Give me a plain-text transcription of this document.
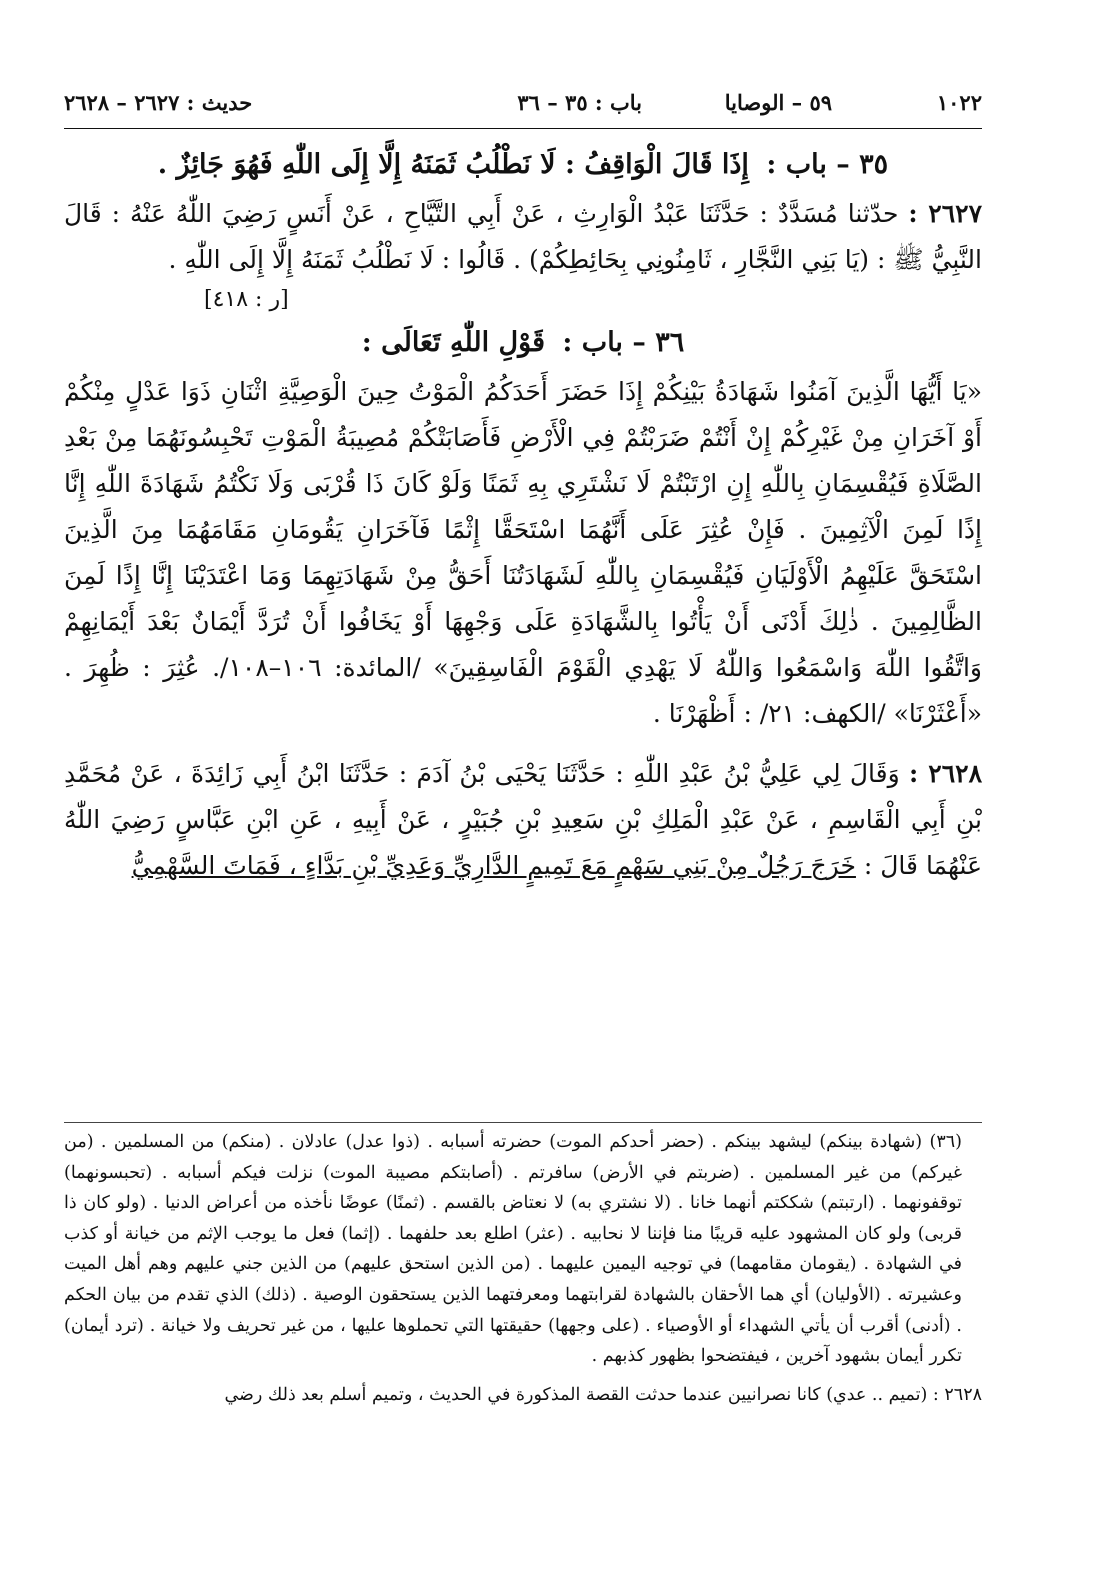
١٠٢٢
٥٩ – الوصايا
باب : ٣٥ – ٣٦
حديث : ٢٦٢٧ – ٢٦٢٨
٣٥ – باب : إِذَا قَالَ الْوَاقِفُ : لَا نَطْلُبُ ثَمَنَهُ إِلَّا إِلَى اللّٰهِ فَهُوَ جَائِزٌ .

٢٦٢٧ : حدّثنا مُسَدَّدٌ : حَدَّثَنَا عَبْدُ الْوَارِثِ ، عَنْ أَبِي التَّيَّاحِ ، عَنْ أَنَسٍ رَضِيَ اللّٰهُ عَنْهُ : قَالَ النَّبِيُّ ﷺ : (يَا بَنِي النَّجَّارِ ، ثَامِنُونِي بِحَائِطِكُمْ) . قَالُوا : لَا نَطْلُبُ ثَمَنَهُ إِلَّا إِلَى اللّٰهِ .

[ر : ٤١٨]
٣٦ – باب : قَوْلِ اللّٰهِ تَعَالَى :

«يَا أَيُّهَا الَّذِينَ آمَنُوا شَهَادَةُ بَيْنِكُمْ إِذَا حَضَرَ أَحَدَكُمُ الْمَوْتُ حِينَ الْوَصِيَّةِ اثْنَانِ ذَوَا عَدْلٍ مِنْكُمْ أَوْ آخَرَانِ مِنْ غَيْرِكُمْ إِنْ أَنْتُمْ ضَرَبْتُمْ فِي الْأَرْضِ فَأَصَابَتْكُمْ مُصِيبَةُ الْمَوْتِ تَحْبِسُونَهُمَا مِنْ بَعْدِ الصَّلَاةِ فَيُقْسِمَانِ بِاللّٰهِ إِنِ ارْتَبْتُمْ لَا نَشْتَرِي بِهِ ثَمَنًا وَلَوْ كَانَ ذَا قُرْبَى وَلَا نَكْتُمُ شَهَادَةَ اللّٰهِ إِنَّا إِذًا لَمِنَ الْآثِمِينَ . فَإِنْ عُثِرَ عَلَى أَنَّهُمَا اسْتَحَقَّا إِثْمًا فَآخَرَانِ يَقُومَانِ مَقَامَهُمَا مِنَ الَّذِينَ اسْتَحَقَّ عَلَيْهِمُ الْأَوْلَيَانِ فَيُقْسِمَانِ بِاللّٰهِ لَشَهَادَتُنَا أَحَقُّ مِنْ شَهَادَتِهِمَا وَمَا اعْتَدَيْنَا إِنَّا إِذًا لَمِنَ الظَّالِمِينَ . ذٰلِكَ أَدْنَى أَنْ يَأْتُوا بِالشَّهَادَةِ عَلَى وَجْهِهَا أَوْ يَخَافُوا أَنْ تُرَدَّ أَيْمَانٌ بَعْدَ أَيْمَانِهِمْ وَاتَّقُوا اللّٰهَ وَاسْمَعُوا وَاللّٰهُ لَا يَهْدِي الْقَوْمَ الْفَاسِقِينَ» /المائدة: ١٠٦–١٠٨/. عُثِرَ : ظُهِرَ . «أَعْثَرْنَا» /الكهف: ٢١/ : أَظْهَرْنَا .

٢٦٢٨ : وَقَالَ لِي عَلِيُّ بْنُ عَبْدِ اللّٰهِ : حَدَّثَنَا يَحْيَى بْنُ آدَمَ : حَدَّثَنَا ابْنُ أَبِي زَائِدَةَ ، عَنْ مُحَمَّدِ بْنِ أَبِي الْقَاسِمِ ، عَنْ عَبْدِ الْمَلِكِ بْنِ سَعِيدِ بْنِ جُبَيْرٍ ، عَنْ أَبِيهِ ، عَنِ ابْنِ عَبَّاسٍ رَضِيَ اللّٰهُ عَنْهُمَا قَالَ : خَرَجَ رَجُلٌ مِنْ بَنِي سَهْمٍ مَعَ تَمِيمٍ الدَّارِيِّ وَعَدِيِّ بْنِ بَدَّاءٍ ، فَمَاتَ السَّهْمِيُّ

(٣٦) (شهادة بينكم) ليشهد بينكم . (حضر أحدكم الموت) حضرته أسبابه . (ذوا عدل) عادلان . (منكم) من المسلمين . (من غيركم) من غير المسلمين . (ضربتم في الأرض) سافرتم . (أصابتكم مصيبة الموت) نزلت فيكم أسبابه . (تحبسونهما) توقفونهما . (ارتبتم) شككتم أنهما خانا . (لا نشتري به) لا نعتاض بالقسم . (ثمنًا) عوضًا نأخذه من أعراض الدنيا . (ولو كان ذا قربى) ولو كان المشهود عليه قريبًا منا فإننا لا نحابيه . (عثر) اطلع بعد حلفهما . (إثما) فعل ما يوجب الإثم من خيانة أو كذب في الشهادة . (يقومان مقامهما) في توجيه اليمين عليهما . (من الذين استحق عليهم) من الذين جني عليهم وهم أهل الميت وعشيرته . (الأوليان) أي هما الأحقان بالشهادة لقرابتهما ومعرفتهما الذين يستحقون الوصية . (ذلك) الذي تقدم من بيان الحكم . (أدنى) أقرب أن يأتي الشهداء أو الأوصياء . (على وجهها) حقيقتها التي تحملوها عليها ، من غير تحريف ولا خيانة . (ترد أيمان) تكرر أيمان بشهود آخرين ، فيفتضحوا بظهور كذبهم .

٢٦٢٨ : (تميم .. عدي) كانا نصرانيين عندما حدثت القصة المذكورة في الحديث ، وتميم أسلم بعد ذلك رضي
